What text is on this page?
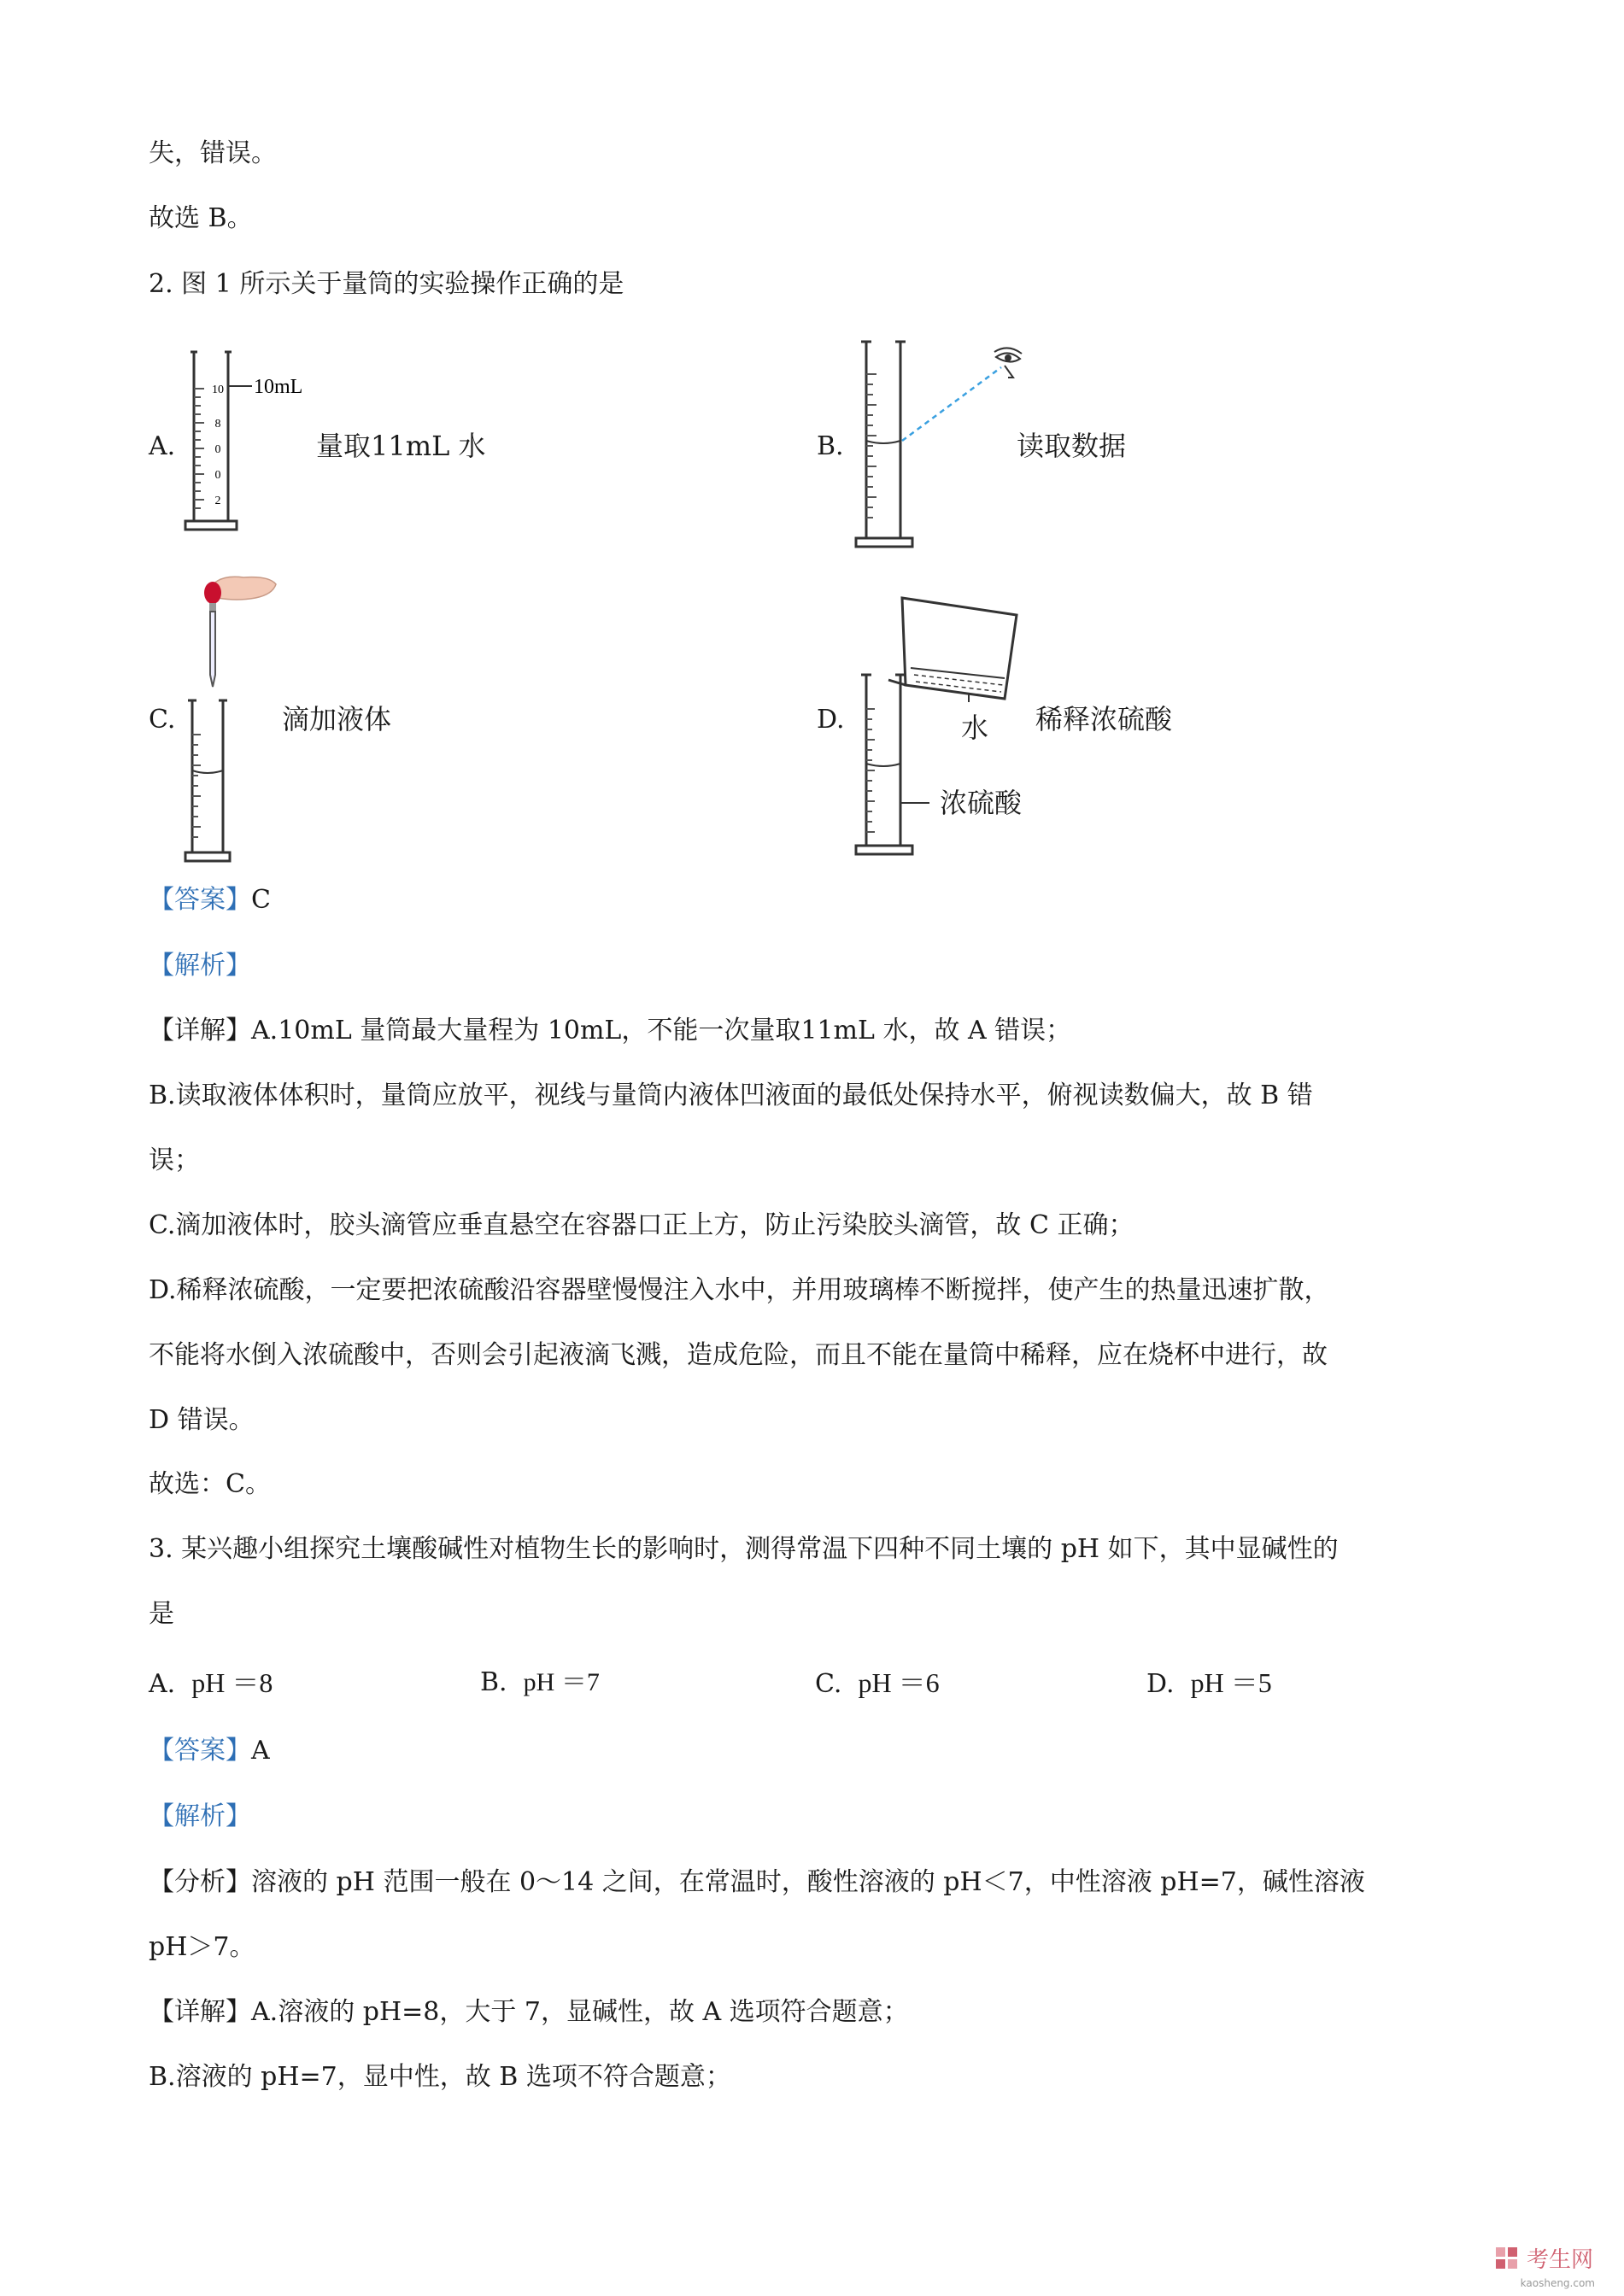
失，错误。
故选 B。
2. 图 1 所示关于量筒的实验操作正确的是
A.
10
8
0
0
2
10mL
量取11mL 水	B.	读取数据
C.	滴加液体	D.	水
浓硫酸
稀释浓硫酸
【答案】C
【解析】
【详解】A.10mL 量筒最大量程为 10mL，不能一次量取11mL 水，故 A 错误；
B.读取液体体积时，量筒应放平，视线与量筒内液体凹液面的最低处保持水平，俯视读数偏大，故 B 错
误；
C.滴加液体时，胶头滴管应垂直悬空在容器口正上方，防止污染胶头滴管，故 C 正确；
D.稀释浓硫酸，一定要把浓硫酸沿容器壁慢慢注入水中，并用玻璃棒不断搅拌，使产生的热量迅速扩散，
不能将水倒入浓硫酸中，否则会引起液滴飞溅，造成危险，而且不能在量筒中稀释，应在烧杯中进行，故
D 错误。
故选：C。
3. 某兴趣小组探究土壤酸碱性对植物生长的影响时，测得常温下四种不同土壤的 pH 如下，其中显碱性的
是
A. pH ＝8	B. pH ＝7	C. pH ＝6	D. pH ＝5
【答案】A
【解析】
【分析】溶液的 pH 范围一般在 0～14 之间，在常温时，酸性溶液的 pH＜7，中性溶液 pH=7，碱性溶液
pH＞7。
【详解】A.溶液的 pH=8，大于 7，显碱性，故 A 选项符合题意；
B.溶液的 pH=7，显中性，故 B 选项不符合题意；
考生网
kaosheng.com
